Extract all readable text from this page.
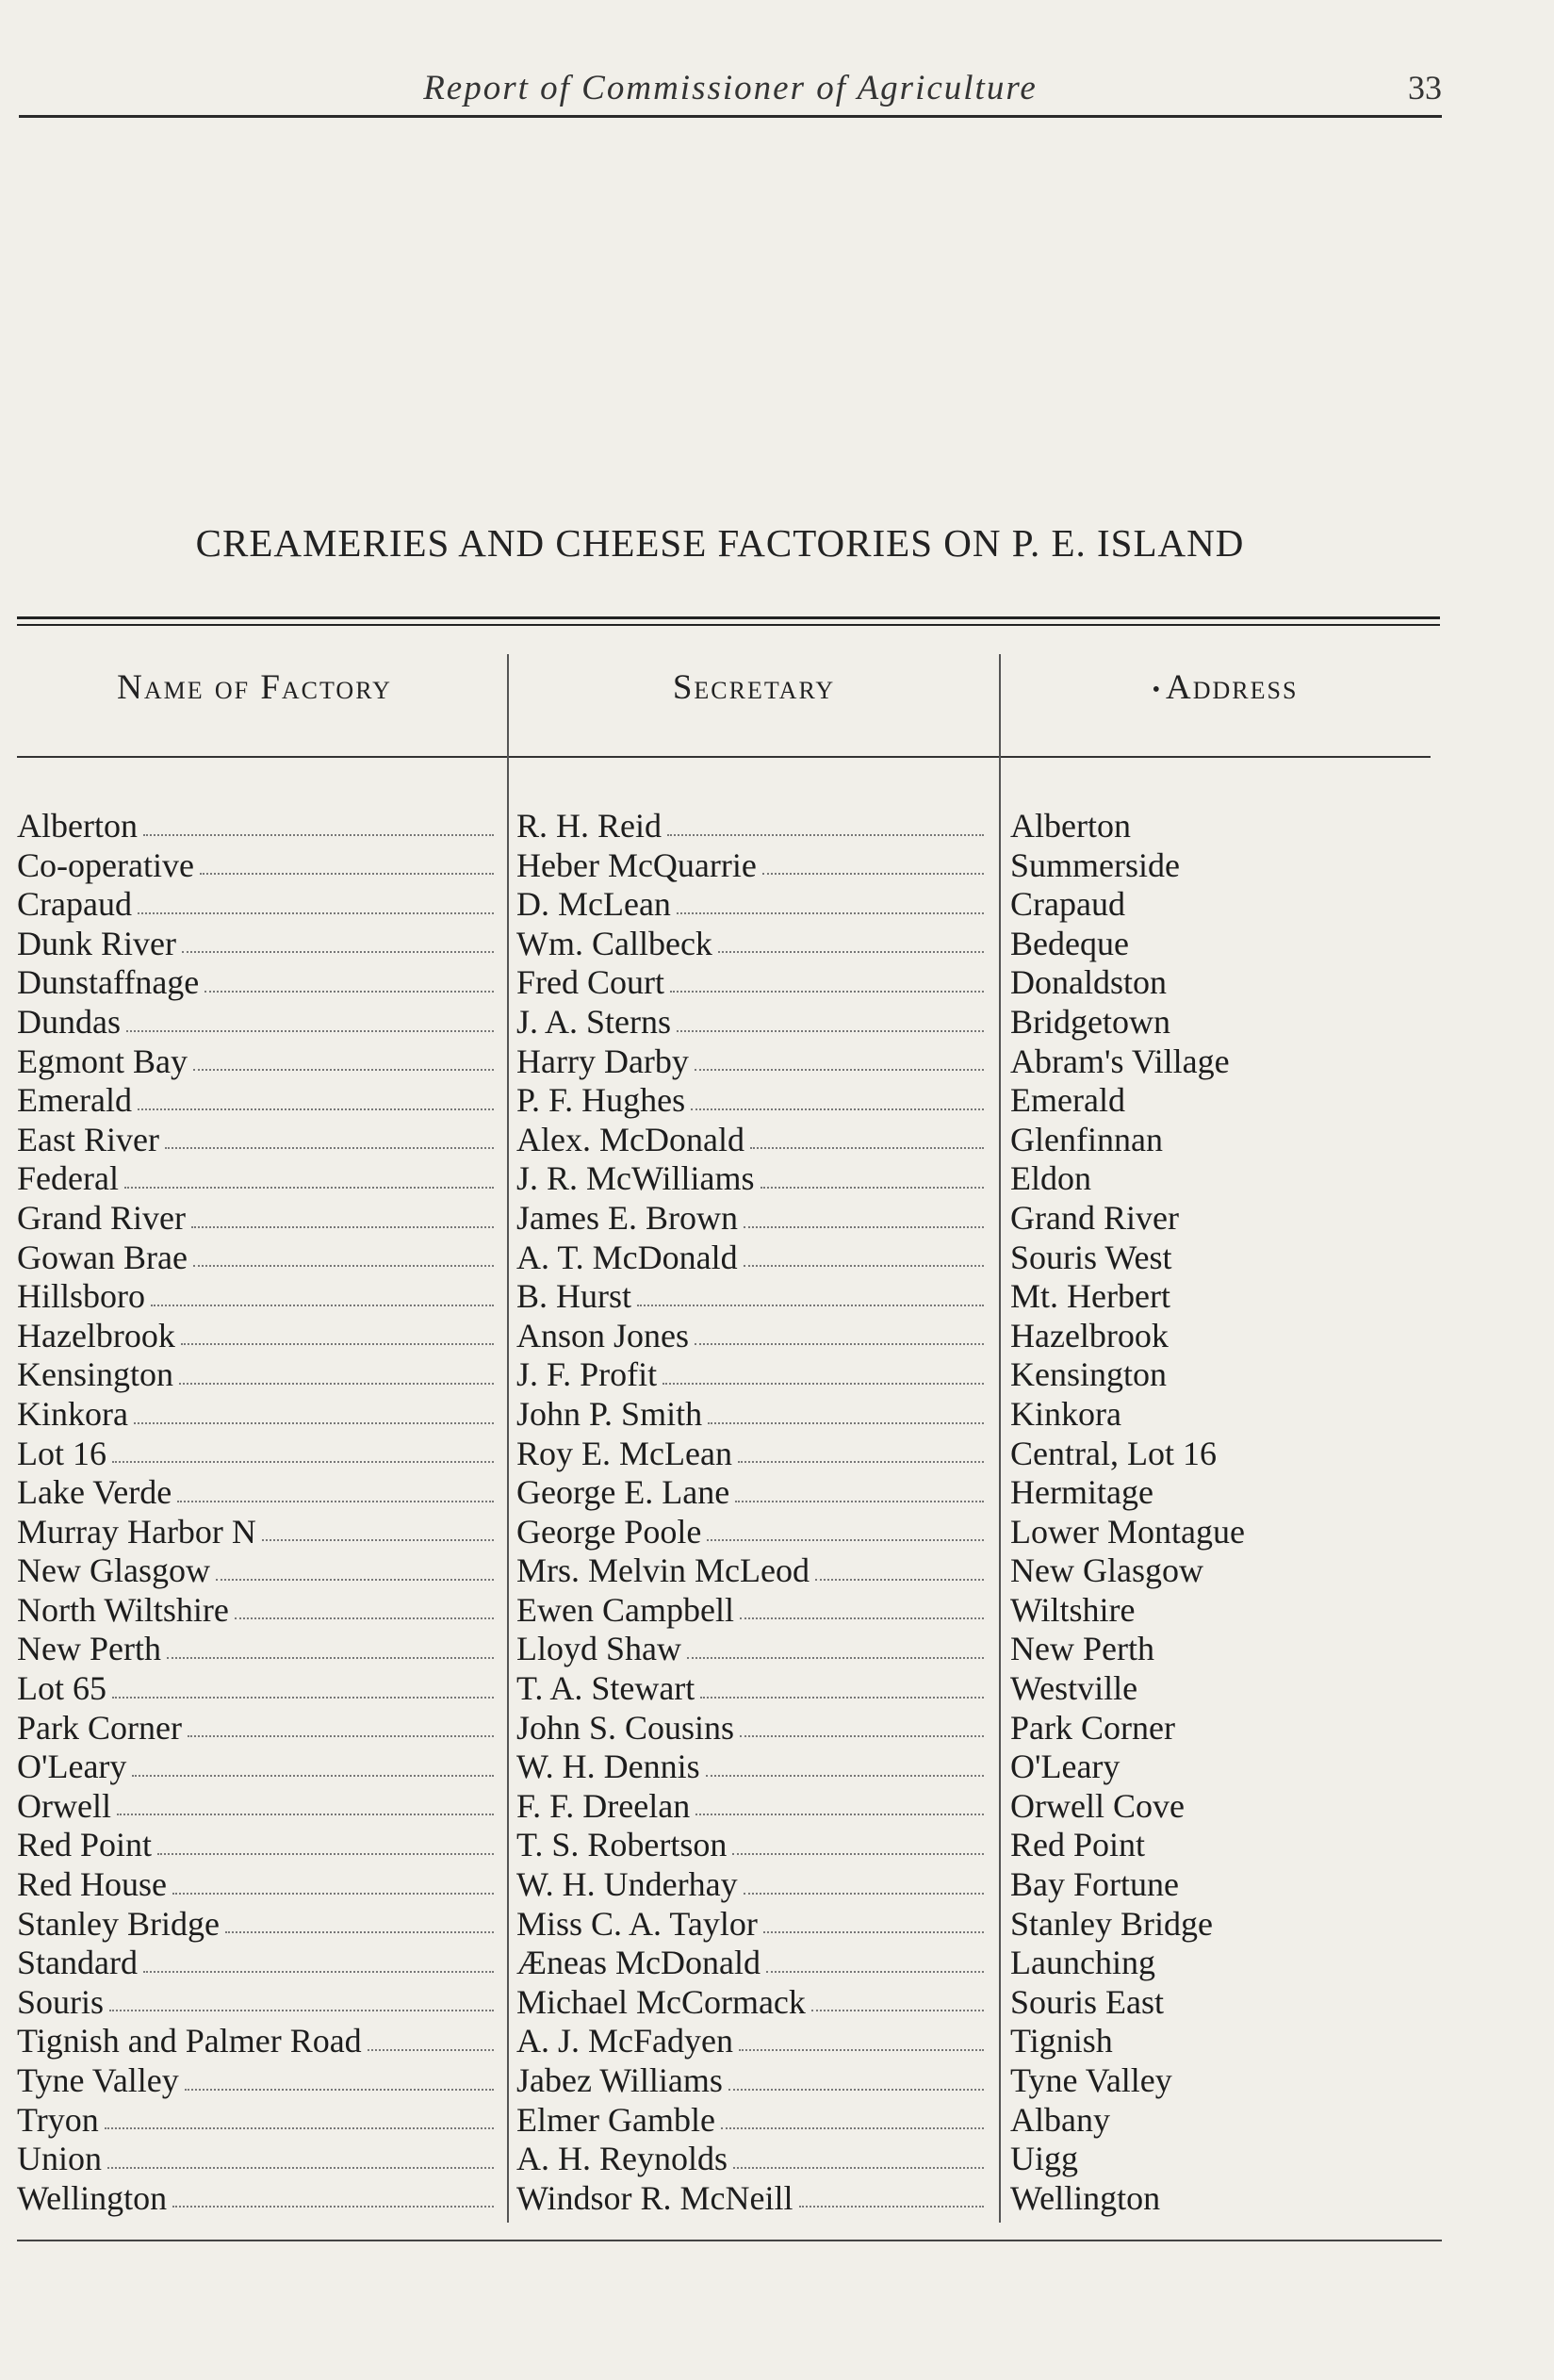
Report of Commissioner of Agriculture	33
CREAMERIES AND CHEESE FACTORIES ON P. E. ISLAND
Name of Factory	Secretary	• Address
Alberton	R. H. Reid	Alberton
Co-operative	Heber McQuarrie	Summerside
Crapaud	D. McLean	Crapaud
Dunk River	Wm. Callbeck	Bedeque
Dunstaffnage	Fred Court	Donaldston
Dundas	J. A. Sterns	Bridgetown
Egmont Bay	Harry Darby	Abram's Village
Emerald	P. F. Hughes	Emerald
East River	Alex. McDonald	Glenfinnan
Federal	J. R. McWilliams	Eldon
Grand River	James E. Brown	Grand River
Gowan Brae	A. T. McDonald	Souris West
Hillsboro	B. Hurst	Mt. Herbert
Hazelbrook	Anson Jones	Hazelbrook
Kensington	J. F. Profit	Kensington
Kinkora	John P. Smith	Kinkora
Lot 16	Roy E. McLean	Central, Lot 16
Lake Verde	George E. Lane	Hermitage
Murray Harbor N	George Poole	Lower Montague
New Glasgow	Mrs. Melvin McLeod	New Glasgow
North Wiltshire	Ewen Campbell	Wiltshire
New Perth	Lloyd Shaw	New Perth
Lot 65	T. A. Stewart	Westville
Park Corner	John S. Cousins	Park Corner
O'Leary	W. H. Dennis	O'Leary
Orwell	F. F. Dreelan	Orwell Cove
Red Point	T. S. Robertson	Red Point
Red House	W. H. Underhay	Bay Fortune
Stanley Bridge	Miss C. A. Taylor	Stanley Bridge
Standard	Æneas McDonald	Launching
Souris	Michael McCormack	Souris East
Tignish and Palmer Road	A. J. McFadyen	Tignish
Tyne Valley	Jabez Williams	Tyne Valley
Tryon	Elmer Gamble	Albany
Union	A. H. Reynolds	Uigg
Wellington	Windsor R. McNeill	Wellington
